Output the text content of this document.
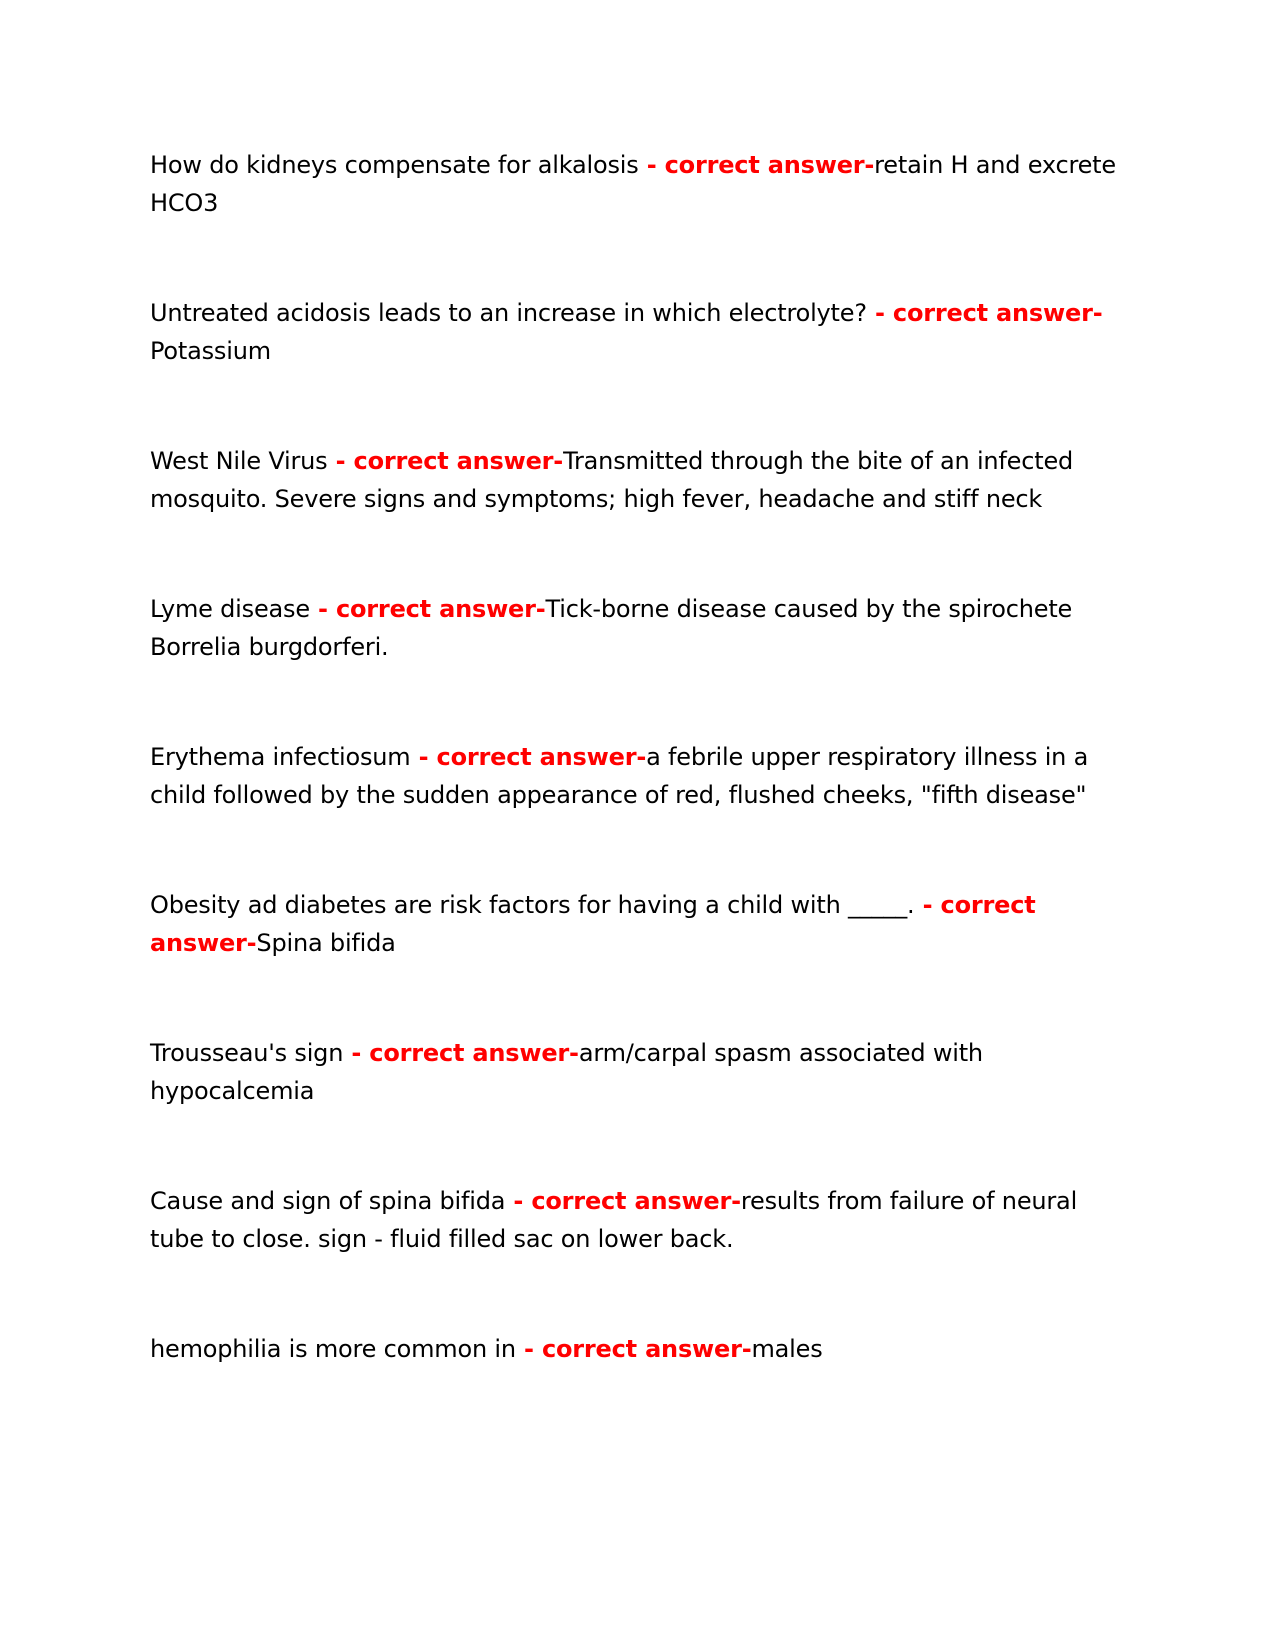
How do kidneys compensate for alkalosis - correct answer-retain H and excrete HCO3
Untreated acidosis leads to an increase in which electrolyte? - correct answer-Potassium
West Nile Virus - correct answer-Transmitted through the bite of an infected mosquito. Severe signs and symptoms; high fever, headache and stiff neck
Lyme disease - correct answer-Tick-borne disease caused by the spirochete Borrelia burgdorferi.
Erythema infectiosum - correct answer-a febrile upper respiratory illness in a child followed by the sudden appearance of red, flushed cheeks, "fifth disease"
Obesity ad diabetes are risk factors for having a child with _____. - correct answer-Spina bifida
Trousseau's sign - correct answer-arm/carpal spasm associated with hypocalcemia
Cause and sign of spina bifida - correct answer-results from failure of neural tube to close. sign - fluid filled sac on lower back.
hemophilia is more common in - correct answer-males
